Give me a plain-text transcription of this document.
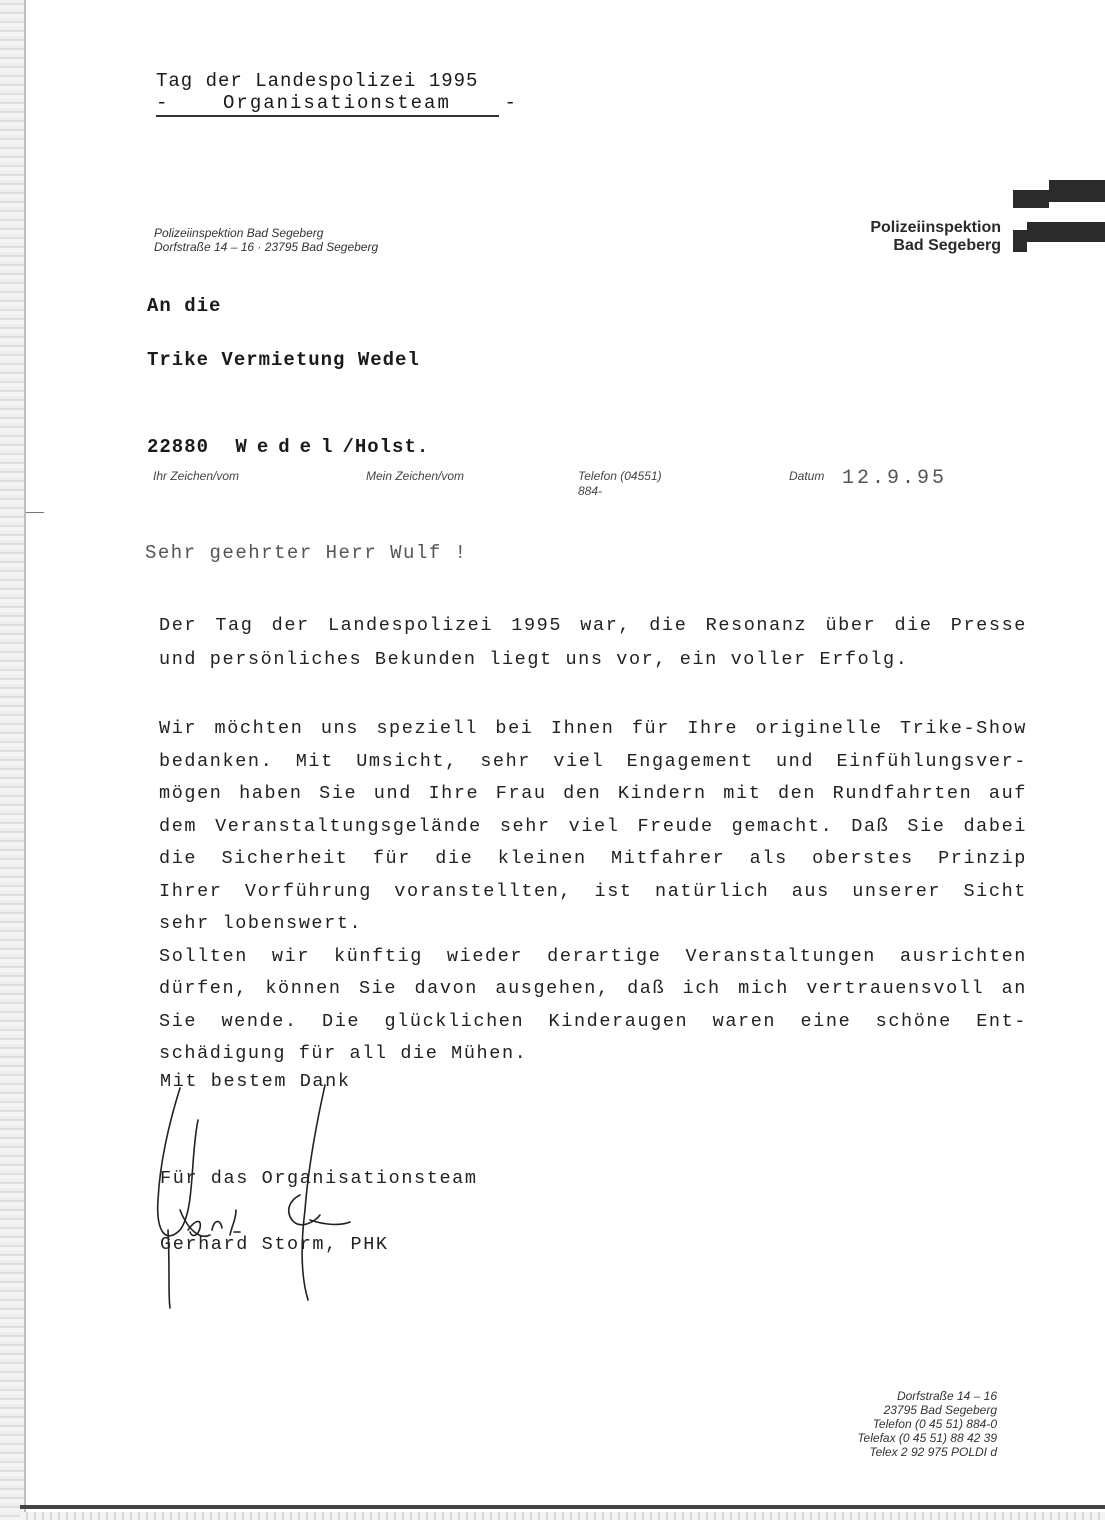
Tag der Landespolizei 1995
-    Organisationsteam    -
Polizeiinspektion Bad Segeberg
Dorfstraße 14 – 16 · 23795 Bad Segeberg
Polizeiinspektion
Bad Segeberg
An die
Trike Vermietung Wedel
22880 Wedel/Holst.
Ihr Zeichen/vom	Mein Zeichen/vom	Telefon (04551)
884-
Datum 12.9.95
Sehr geehrter Herr Wulf !
Der Tag der Landespolizei 1995 war, die Resonanz über die Presse
und persönliches Bekunden liegt uns vor, ein voller Erfolg.
Wir möchten uns speziell bei Ihnen für Ihre originelle Trike-Show
bedanken. Mit Umsicht, sehr viel Engagement und Einfühlungsver-
mögen haben Sie und Ihre Frau den Kindern mit den Rundfahrten auf
dem Veranstaltungsgelände sehr viel Freude gemacht. Daß Sie dabei
die Sicherheit für die kleinen Mitfahrer als oberstes Prinzip
Ihrer Vorführung voranstellten, ist natürlich aus unserer Sicht
sehr lobenswert.
Sollten wir künftig wieder derartige Veranstaltungen ausrichten
dürfen, können Sie davon ausgehen, daß ich mich vertrauensvoll an
Sie wende. Die glücklichen Kinderaugen waren eine schöne Ent-
schädigung für all die Mühen.
Mit bestem Dank
Für das Organisationsteam
Gerhard Storm, PHK
Dorfstraße 14 – 16
23795 Bad Segeberg
Telefon (0 45 51) 884-0
Telefax (0 45 51) 88 42 39
Telex 2 92 975 POLDI d
